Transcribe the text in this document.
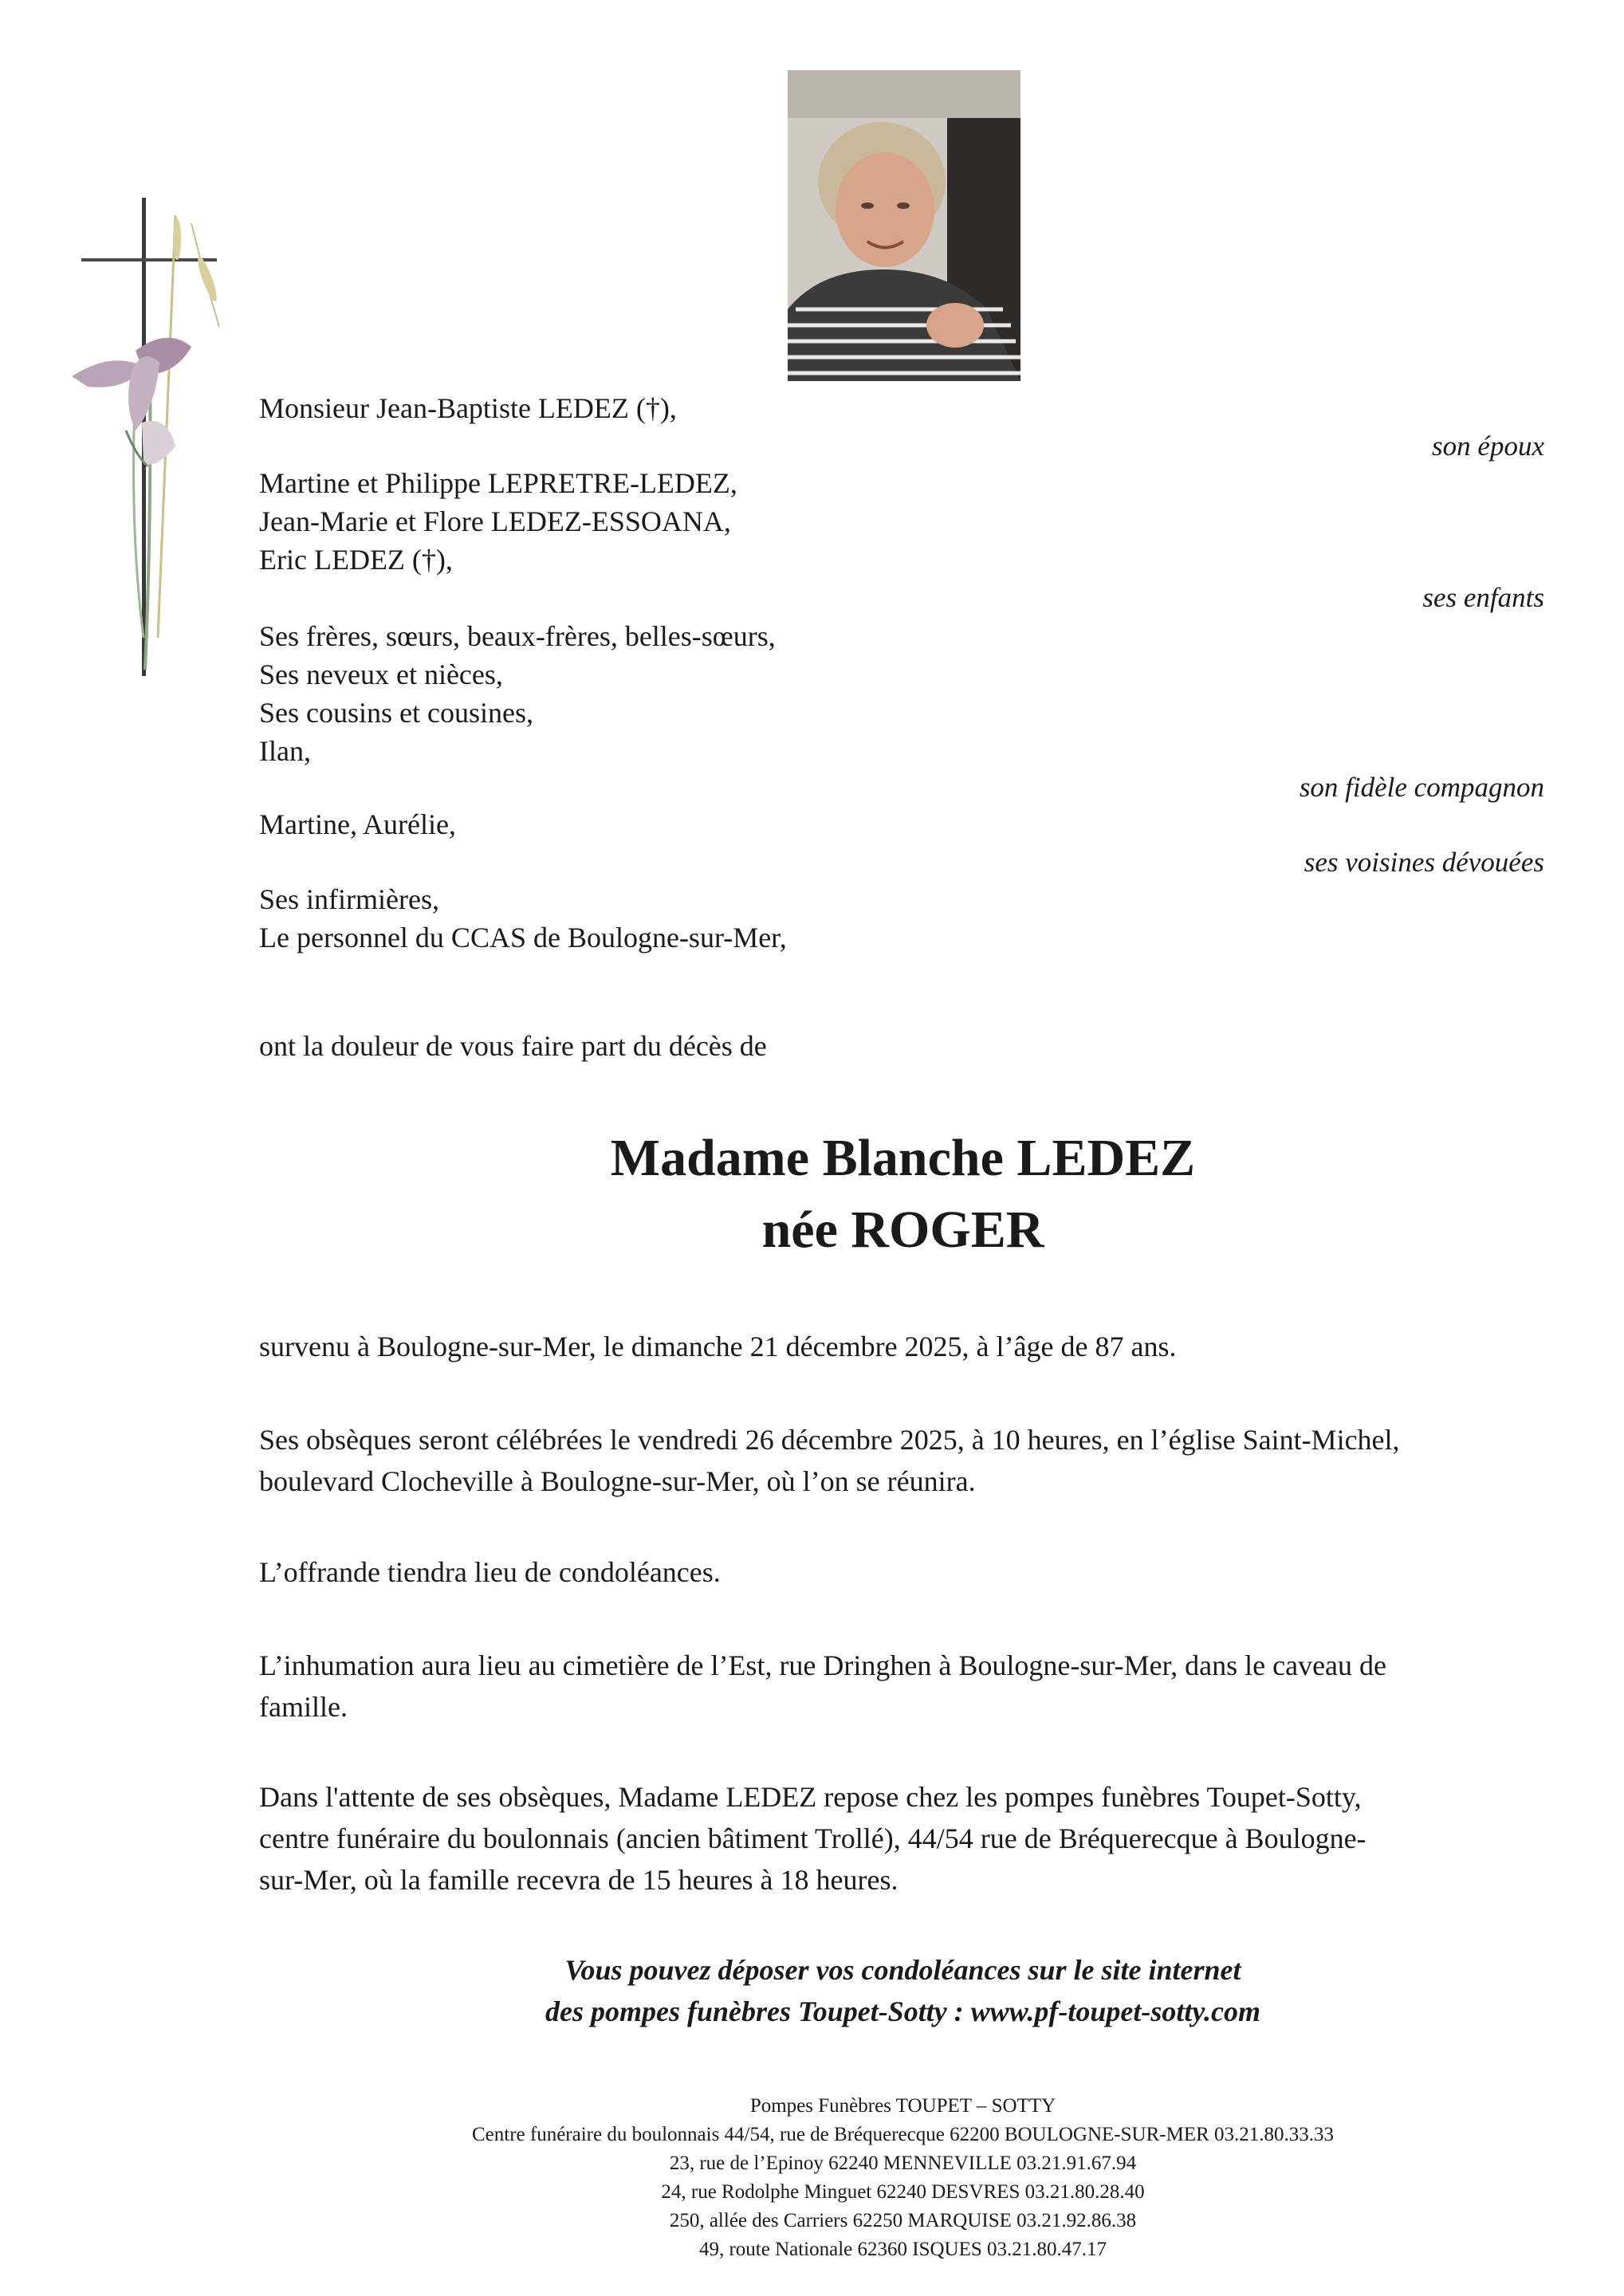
Monsieur Jean-Baptiste LEDEZ (†),
son époux
Martine et Philippe LEPRETRE-LEDEZ,
Jean-Marie et Flore LEDEZ-ESSOANA,
Eric LEDEZ (†),
ses enfants
Ses frères, sœurs, beaux-frères, belles-sœurs,
Ses neveux et nièces,
Ses cousins et cousines,
Ilan,
son fidèle compagnon
Martine, Aurélie,
ses voisines dévouées
Ses infirmières,
Le personnel du CCAS de Boulogne-sur-Mer,
ont la douleur de vous faire part du décès de
Madame Blanche LEDEZ
née ROGER
survenu à Boulogne-sur-Mer, le dimanche 21 décembre 2025, à l’âge de 87 ans.
Ses obsèques seront célébrées le vendredi 26 décembre 2025, à 10 heures, en l’église Saint-Michel,
boulevard Clocheville à Boulogne-sur-Mer, où l’on se réunira.
L’offrande tiendra lieu de condoléances.
L’inhumation aura lieu au cimetière de l’Est, rue Dringhen à Boulogne-sur-Mer, dans le caveau de
famille.
Dans l'attente de ses obsèques, Madame LEDEZ repose chez les pompes funèbres Toupet-Sotty,
centre funéraire du boulonnais (ancien bâtiment Trollé), 44/54 rue de Bréquerecque à Boulogne-
sur-Mer, où la famille recevra de 15 heures à 18 heures.
Vous pouvez déposer vos condoléances sur le site internet
des pompes funèbres Toupet-Sotty : www.pf-toupet-sotty.com
Pompes Funèbres TOUPET – SOTTY
Centre funéraire du boulonnais 44/54, rue de Bréquerecque 62200 BOULOGNE-SUR-MER 03.21.80.33.33
23, rue de l’Epinoy 62240 MENNEVILLE 03.21.91.67.94
24, rue Rodolphe Minguet 62240 DESVRES 03.21.80.28.40
250, allée des Carriers 62250 MARQUISE 03.21.92.86.38
49, route Nationale 62360 ISQUES 03.21.80.47.17
